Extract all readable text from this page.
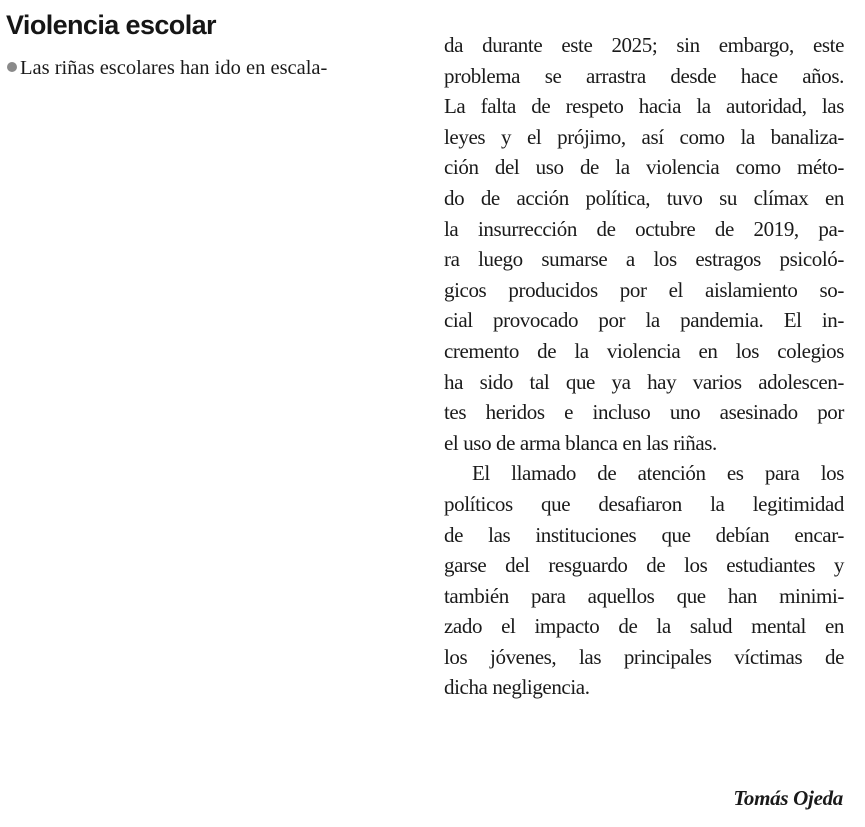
Violencia escolar

Las riñas escolares han ido en escala-

da durante este 2025; sin embargo, este
problema se arrastra desde hace años.
La falta de respeto hacia la autoridad, las
leyes y el prójimo, así como la banaliza-
ción del uso de la violencia como méto-
do de acción política, tuvo su clímax en
la insurrección de octubre de 2019, pa-
ra luego sumarse a los estragos psicoló-
gicos producidos por el aislamiento so-
cial provocado por la pandemia. El in-
cremento de la violencia en los colegios
ha sido tal que ya hay varios adolescen-
tes heridos e incluso uno asesinado por
el uso de arma blanca en las riñas.
El llamado de atención es para los
políticos que desafiaron la legitimidad
de las instituciones que debían encar-
garse del resguardo de los estudiantes y
también para aquellos que han minimi-
zado el impacto de la salud mental en
los jóvenes, las principales víctimas de
dicha negligencia.
Tomás Ojeda
